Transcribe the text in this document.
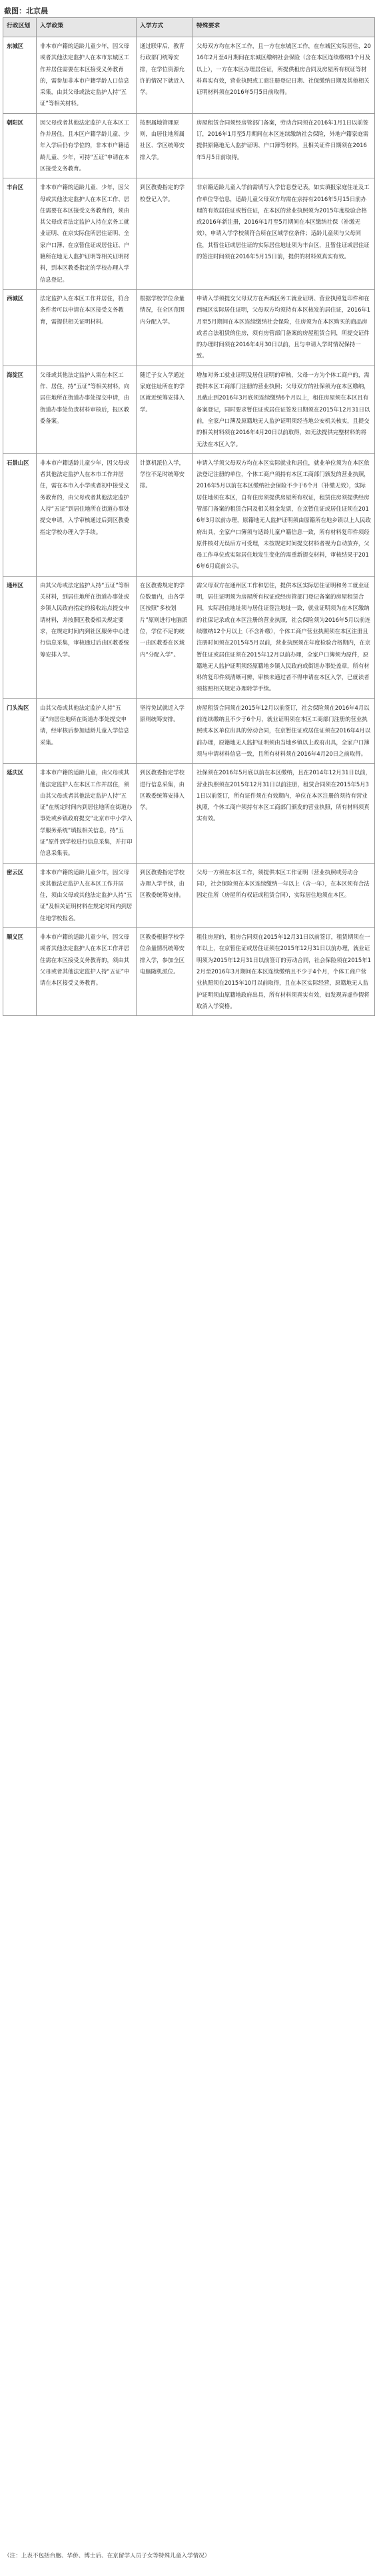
截图：北京晨
行政区划	入学政策	入学方式	特殊要求
东城区	非本市户籍的适龄儿童少年，因父母或者其他法定监护人在本市东城区工作并居住需要在本区接受义务教育的，需参加非本市户籍学龄人口信息采集，由其父母或法定监护人持“五证”等相关材料。	通过联审后，教育行政部门统筹安排，在学位资源允许的情况下就近入学。	父母双方均在本区工作，且一方在东城区工作，在东城区实际居住，2016年2月至4月期间在东城区缴纳社会保险（含在本区连续缴纳3个月及以上），一方在本区办理居住证，所提供租房合同及房屋所有权证等材料真实有效，营业执照或工商注册登记日期、社保缴纳日期及其他相关证明材料须在2016年5月5日前取得。
朝阳区	因父母或者其他法定监护人在本区工作并居住，且本区户籍学龄儿童、少年入学后仍有学位的，非本市户籍适龄儿童、少年，可持“五证”申请在本区接受义务教育。	按照属地管理原则，由居住地所属社区、学区统筹安排入学。	房屋租赁合同须经房管部门备案，劳动合同须在2016年1月1日以前签订，2016年1月至5月期间在本区连续缴纳社会保险，外地户籍家庭需提供原籍地无人监护证明、户口簿等材料，且相关证件日期须在2016年5月5日前取得。
丰台区	非本市户籍的适龄儿童、少年，因父母或其他法定监护人在本区工作、居住需要在本区接受义务教育的，须由其父母或者法定监护人持在京务工就业证明、在京实际住所居住证明、全家户口簿、在京暂住证或居住证、户籍所在地无人监护证明等相关证明材料，到本区教委指定的学校办理入学信息登记。	到区教委指定的学校登记入学。	非京籍适龄儿童入学前需填写入学信息登记表，如实填报家庭住址及工作单位等信息，适龄儿童父母双方均需在京持有2016年5月15日前办理的有效居住证或暂住证，在本区的营业执照须为2015年度检验合格或2016年新注册，2016年1月至5月期间在本区缴纳社保（补缴无效），申请入学学校须符合所在区域学位条件；适龄儿童须与父母同住，其暂住证或居住证的实际居住地址须为丰台区，且暂住证或居住证的签注时间须在2016年5月15日前，提供的材料须真实有效。
西城区	法定监护人在本区工作并居住，符合条件者可以申请在本区接受义务教育，需提供相关证明材料。	根据学校学位余量情况，在全区范围内分配入学。	申请入学须提交父母双方在西城区务工就业证明、营业执照复印件和在西城区实际居住证明，父母双方均须持有本区核发的居住证，2016年1月至5月期间在本区连续缴纳社会保险，住房须为在本区购买的商品房或者合法租赁的住房，须有房管部门备案的房屋租赁合同，所提交证件的办理时间须在2016年4月30日以前，且与申请入学时情况保持一致。
海淀区	父母或其他法定监护人需在本区工作、居住，持“五证”等相关材料，向居住地所在街道办事处提交申请，由街道办事处负责材料审核后，报区教委备案。	随迁子女入学通过家庭住址所在的学区就近统筹安排入学。	增加对务工就业证明及居住证明的审核，父母一方为个体工商户的，需提供本区工商部门注册的营业执照；父母双方的社保须为在本区缴纳，且截止到2016年3月底须连续缴纳6个月以上，租住房屋须在本区且有备案登记，同时要求暂住证或居住证签发日期须在2015年12月31日以前，全家户口簿及原籍地无人监护证明须经当地公安机关核实，且提交的相关材料须在2016年4月20日以前取得，如无法提供完整材料的将无法在本区入学。
石景山区	非本市户籍适龄儿童少年，因父母或者其他法定监护人在本市工作并居住，需在本市入小学或者初中接受义务教育的，由父母或者其他法定监护人持“五证”到居住地所在街道办事处提交申请，入学审核通过后到区教委指定学校办理入学手续。	计算机派位入学，学位不足时统筹安排。	申请入学须父母双方均在本区实际就业和居住，就业单位须为在本区依法登记注册的单位，个体工商户须持有本区工商部门颁发的营业执照，2016年5月以前在本区缴纳社会保险不少于6个月（补缴无效），实际居住地须在本区，自有住房须提供房屋所有权证，租赁住房须提供经房管部门备案的租赁合同及相关租金发票，在京暂住证或居住证须在2016年3月以前办理，原籍地无人监护证明须由原籍所在地乡镇以上人民政府出具，全家户口簿须与适龄儿童户籍信息一致，所有材料复印件须经原件核对无误后方可受理，未按规定时间提交材料者视为自动放弃，父母工作单位或实际居住地发生变化的需重新提交材料，审核结果于2016年6月底前公示。
通州区	由其父母或法定监护人持“五证”等相关材料，到居住地所在街道办事处或乡镇人民政府指定的接收站点提交申请材料，并按照区教委相关规定要求，在规定时间内到社区服务中心进行信息采集，审核通过后由区教委统筹安排入学。	在区教委规定的学位数量内，由各学区按照“多校划片”原则进行电脑派位，学位不足的统一由区教委在区域内“分配入学”。	需父母双方在通州区工作和居住，提供本区实际居住证明和务工就业证明，居住证明须为房屋所有权证或经房管部门登记备案的房屋租赁合同，实际居住地址须与居住证签注地址一致，就业证明须为在本区缴纳的社保记录或在本区注册的营业执照，社会保险须为2016年5月以前连续缴纳12个月以上（不含补缴），个体工商户营业执照须在本区注册且注册时间须在2015年5月以前，营业执照须在年度检验合格期内，在京暂住证或居住证须在2015年12月以前办理，全家户口簿须为原件，原籍地无人监护证明须经原籍地乡镇人民政府或街道办事处盖章，所有材料的复印件须清晰可辨，审核未通过者不得申请在本区入学，已就读者须按照相关规定办理转学手续。
门头沟区	由其父母或其他法定监护人持“五证”向居住地所在街道办事处提交申请，经审核后参加适龄儿童入学信息采集。	坚持免试就近入学原则统筹安排。	房屋租赁合同须在2015年12月以前签订，社会保险须在2016年4月以前连续缴纳且不少于6个月，就业证明须在本区工商部门注册的营业执照或本区单位出具的劳动合同，在京暂住证或居住证须在2016年4月以前办理，原籍地无人监护证明须由当地乡镇以上政府出具，全家户口簿须与申请材料信息一致，且所有材料须在2016年4月20日之前取得。
延庆区	非本市户籍的适龄儿童，由父母或其他法定监护人在本区工作并居住，须由其父母或者其他法定监护人持“五证”在规定时间内到居住地所在街道办事处或乡镇政府提交“北京市中小学入学服务系统”填报相关信息，持“五证”原件到学校进行信息采集，并打印信息采集表。	到区教委指定学校进行信息采集，由区教委统筹安排入学。	社保须在2016年5月底以前在本区缴纳，且在2014年12月31日以前，营业执照须在2015年12月31日以前注册，租赁合同须在2015年5月31日以前签订，所有证件须在有效期内，单位在本区注册的须持有营业执照，个体工商户须持有本区工商部门颁发的营业执照，所有材料须真实有效。
密云区	非本市户籍的适龄儿童少年，因父母或其他法定监护人在本区工作并居住，须由父母或其他法定监护人持“五证”及相关证明材料在规定时间内到居住地学校报名。	到区教委指定学校办理入学手续，由区教委统筹安排。	父母一方须在本区工作，须提供本区工作证明（营业执照或劳动合同），社会保险须在本区连续缴纳一年以上（含一年），在本区须有合法固定住所（房屋所有权证或租赁合同），实际居住地须在本区。
顺义区	非本市户籍的适龄儿童少年，因父母或者其他法定监护人在本区工作并居住需在本区接受义务教育的，须由其父母或者其他法定监护人持“五证”申请在本区接受义务教育。	区教委根据学校学位余量情况统筹安排入学，参加全区电脑随机派位。	租住房屋的，租房合同须在2015年12月31日以前签订，租赁期须在一年以上，在京暂住证或居住证须在2015年12月31日以前办理，就业证明须为2015年12月31日以前签订的劳动合同，社会保险须在2015年12月至2016年3月期间在本区连续缴纳且不少于4个月，个体工商户营业执照须在2015年10月以前取得，且在本区实际经营，原籍地无人监护证明须由原籍地政府出具，所有材料须真实有效，如发现弄虚作假将取消入学资格。
（注：上表不包括台胞、华侨、博士后、在京留学人员子女等特殊儿童入学情况）
